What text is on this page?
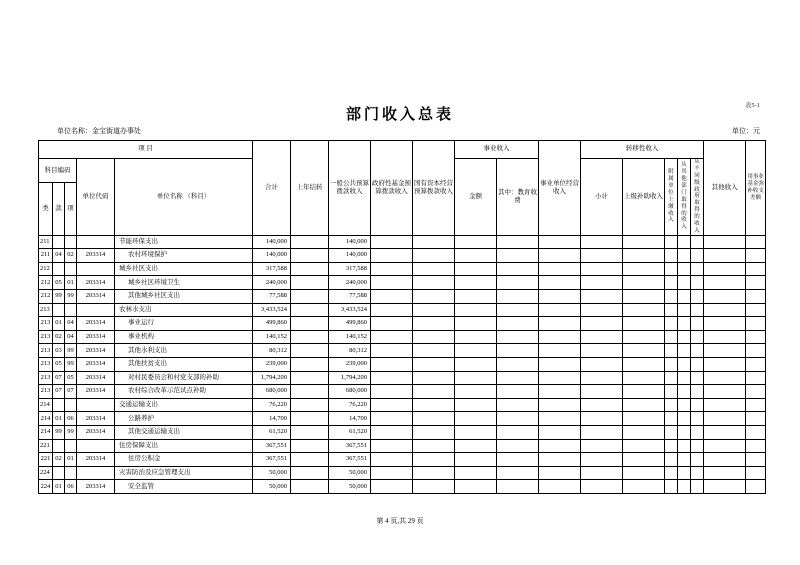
表5-1
部门收入总表
单位名称：金宝街道办事处	单位：元
项 目					合计	上年结转	一般公共预算拨款收入	政府性基金预算拨款收入	国有资本经营预算拨款收入	事业收入		事业单位经营收入	转移性收入					其他收入	用事业基金弥补收支差额
科目编码			单位代码	单位名称 （科目）						金额	其中：教育收费		小计	上级补助收入	附属单位上缴收入	从其他部门取得的收入	从不同级政府取得的收入		
类	款	项																	
211				节能环保支出	140,000		140,000												
211	04	02	203314	农村环境保护	140,000		140,000												
212				城乡社区支出	317,588		317,588												
212	05	01	203314	城乡社区环境卫生	240,000		240,000												
212	99	99	203314	其他城乡社区支出	77,588		77,588												
213				农林水支出	3,433,524		3,433,524												
213	01	04	203314	事业运行	499,860		499,860												
213	02	04	203314	事业机构	140,152		140,152												
213	03	99	203314	其他水利支出	80,312		80,312												
213	05	99	203314	其他扶贫支出	239,000		239,000												
213	07	05	203314	对村民委员会和村党支部的补助	1,794,200		1,794,200												
213	07	07	203314	农村综合改革示范试点补助	680,000		680,000												
214				交通运输支出	76,220		76,220												
214	01	06	203314	公路养护	14,700		14,700												
214	99	99	203314	其他交通运输支出	61,520		61,520												
221				住房保障支出	367,551		367,551												
221	02	01	203314	住房公积金	367,551		367,551												
224				灾害防治及应急管理支出	50,000		50,000												
224	01	06	203314	安全监管	50,000		50,000												
第 4 页,共 29 页
